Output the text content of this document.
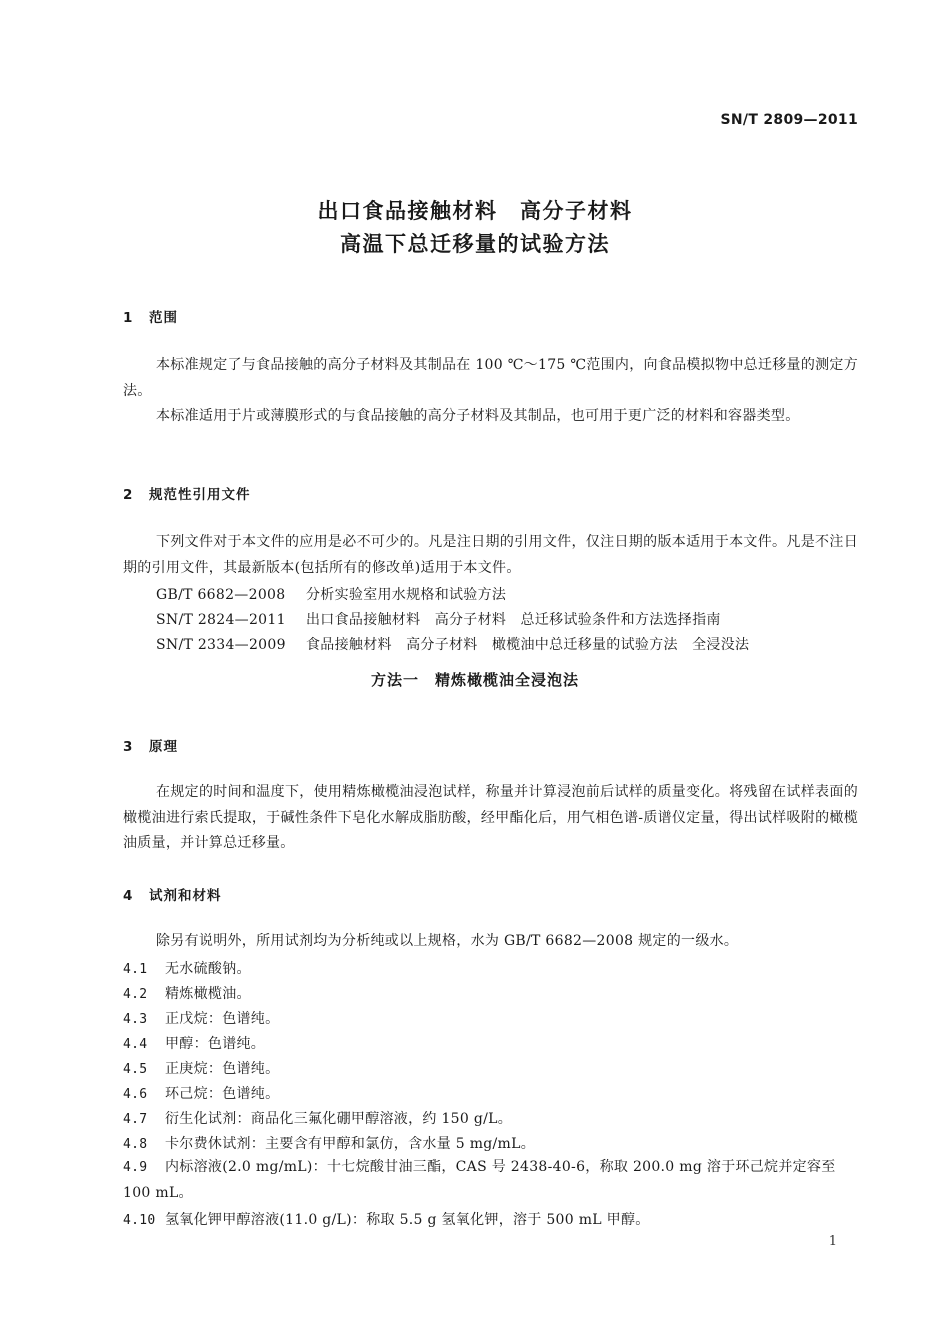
SN/T 2809—2011
出口食品接触材料　高分子材料
高温下总迁移量的试验方法
1 范围
本标准规定了与食品接触的高分子材料及其制品在 100 ℃～175 ℃范围内，向食品模拟物中总迁移量的测定方法。
本标准适用于片或薄膜形式的与食品接触的高分子材料及其制品，也可用于更广泛的材料和容器类型。
2 规范性引用文件
下列文件对于本文件的应用是必不可少的。凡是注日期的引用文件，仅注日期的版本适用于本文件。凡是不注日期的引用文件，其最新版本(包括所有的修改单)适用于本文件。
GB/T 6682—2008 分析实验室用水规格和试验方法
SN/T 2824—2011 出口食品接触材料　高分子材料　总迁移试验条件和方法选择指南
SN/T 2334—2009 食品接触材料　高分子材料　橄榄油中总迁移量的试验方法　全浸没法
方法一　精炼橄榄油全浸泡法
3 原理
在规定的时间和温度下，使用精炼橄榄油浸泡试样，称量并计算浸泡前后试样的质量变化。将残留在试样表面的橄榄油进行索氏提取，于碱性条件下皂化水解成脂肪酸，经甲酯化后，用气相色谱-质谱仪定量，得出试样吸附的橄榄油质量，并计算总迁移量。
4 试剂和材料
除另有说明外，所用试剂均为分析纯或以上规格，水为 GB/T 6682—2008 规定的一级水。
4.1 无水硫酸钠。
4.2 精炼橄榄油。
4.3 正戊烷：色谱纯。
4.4 甲醇：色谱纯。
4.5 正庚烷：色谱纯。
4.6 环己烷：色谱纯。
4.7 衍生化试剂：商品化三氟化硼甲醇溶液，约 150 g/L。
4.8 卡尔费休试剂：主要含有甲醇和氯仿，含水量 5 mg/mL。
4.9 内标溶液(2.0 mg/mL)：十七烷酸甘油三酯，CAS 号 2438-40-6，称取 200.0 mg 溶于环己烷并定容至 100 mL。
4.10 氢氧化钾甲醇溶液(11.0 g/L)：称取 5.5 g 氢氧化钾，溶于 500 mL 甲醇。
1
